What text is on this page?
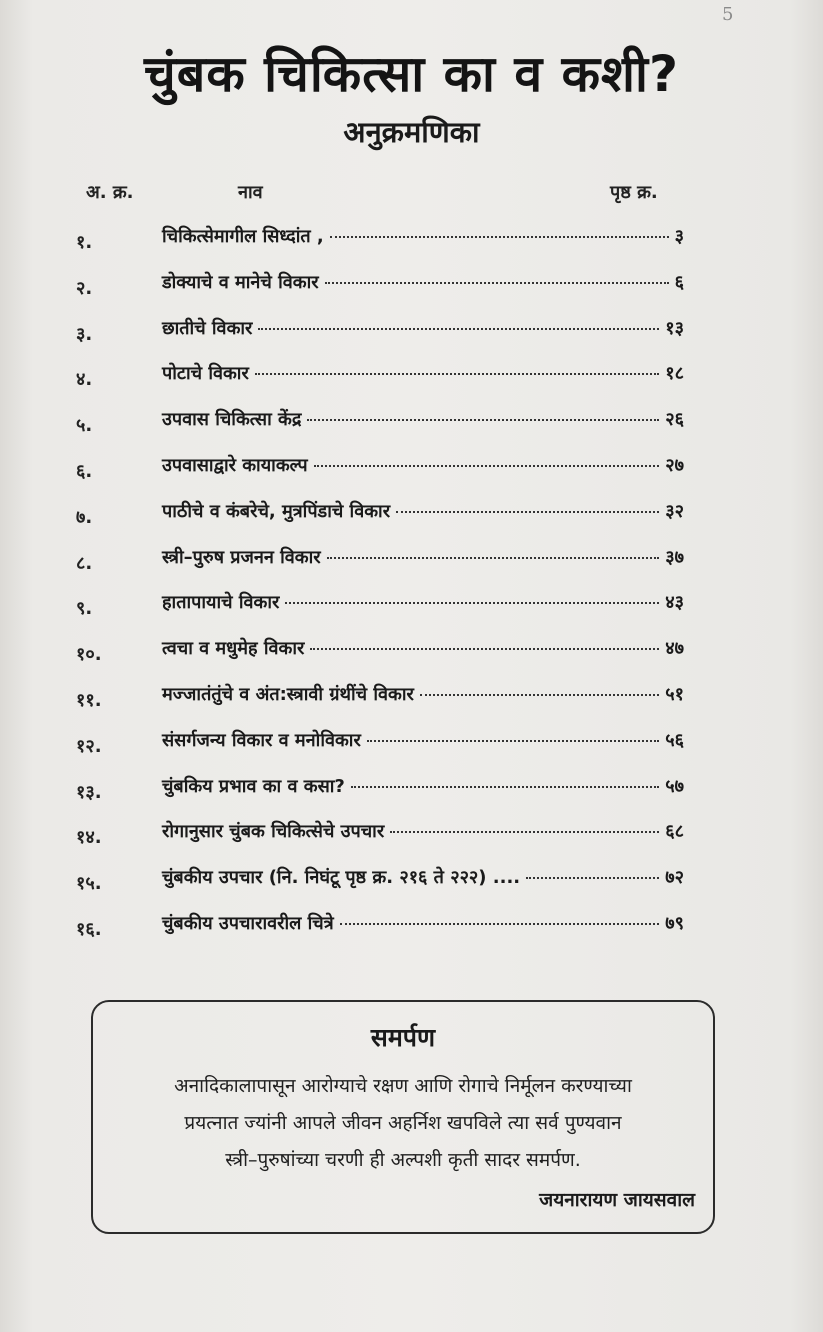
5
चुंबक चिकित्सा का व कशी?
अनुक्रमणिका
अ. क्र.	नाव	पृष्ठ क्र.
१.	चिकित्सेमागील सिध्दांत ,	३
२.	डोक्याचे व मानेचे विकार	६
३.	छातीचे विकार	१३
४.	पोटाचे विकार	१८
५.	उपवास चिकित्सा केंद्र	२६
६.	उपवासाद्वारे कायाकल्प	२७
७.	पाठीचे व कंबरेचे, मुत्रपिंडाचे विकार	३२
८.	स्त्री–पुरुष प्रजनन विकार	३७
९.	हातापायाचे विकार	४३
१०.	त्वचा व मधुमेह विकार	४७
११.	मज्जातंतुंचे व अंत:स्त्रावी ग्रंथींचे विकार	५१
१२.	संसर्गजन्य विकार व मनोविकार	५६
१३.	चुंबकिय प्रभाव का व कसा?	५७
१४.	रोगानुसार चुंबक चिकित्सेचे उपचार	६८
१५.	चुंबकीय उपचार (नि. निघंटू पृष्ठ क्र. २१६ ते २२२) ....	७२
१६.	चुंबकीय उपचारावरील चित्रे	७९
समर्पण
अनादिकालापासून आरोग्याचे रक्षण आणि रोगाचे निर्मूलन करण्याच्या
प्रयत्नात ज्यांनी आपले जीवन अहर्निश खपविले त्या सर्व पुण्यवान
स्त्री–पुरुषांच्या चरणी ही अल्पशी कृती सादर समर्पण.
जयनारायण जायसवाल
